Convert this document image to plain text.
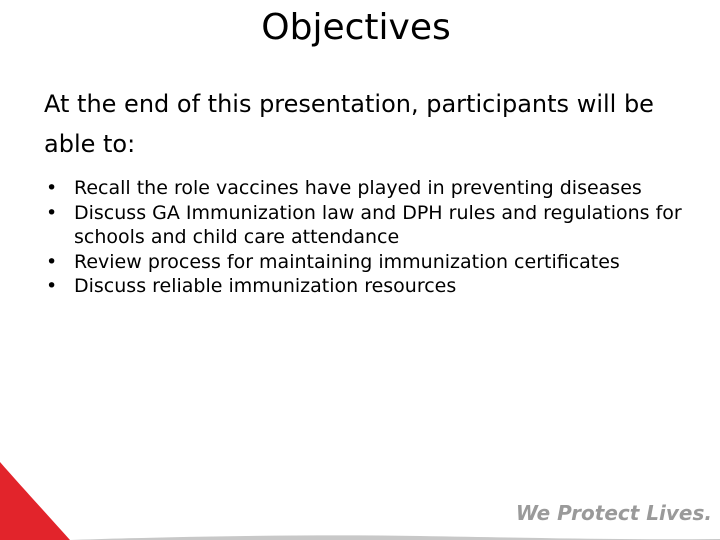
Objectives

At the end of this presentation, participants will be able to:

• Recall the role vaccines have played in preventing diseases
• Discuss GA Immunization law and DPH rules and regulations for schools and child care attendance
• Review process for maintaining immunization certificates
• Discuss reliable immunization resources
We Protect Lives.
